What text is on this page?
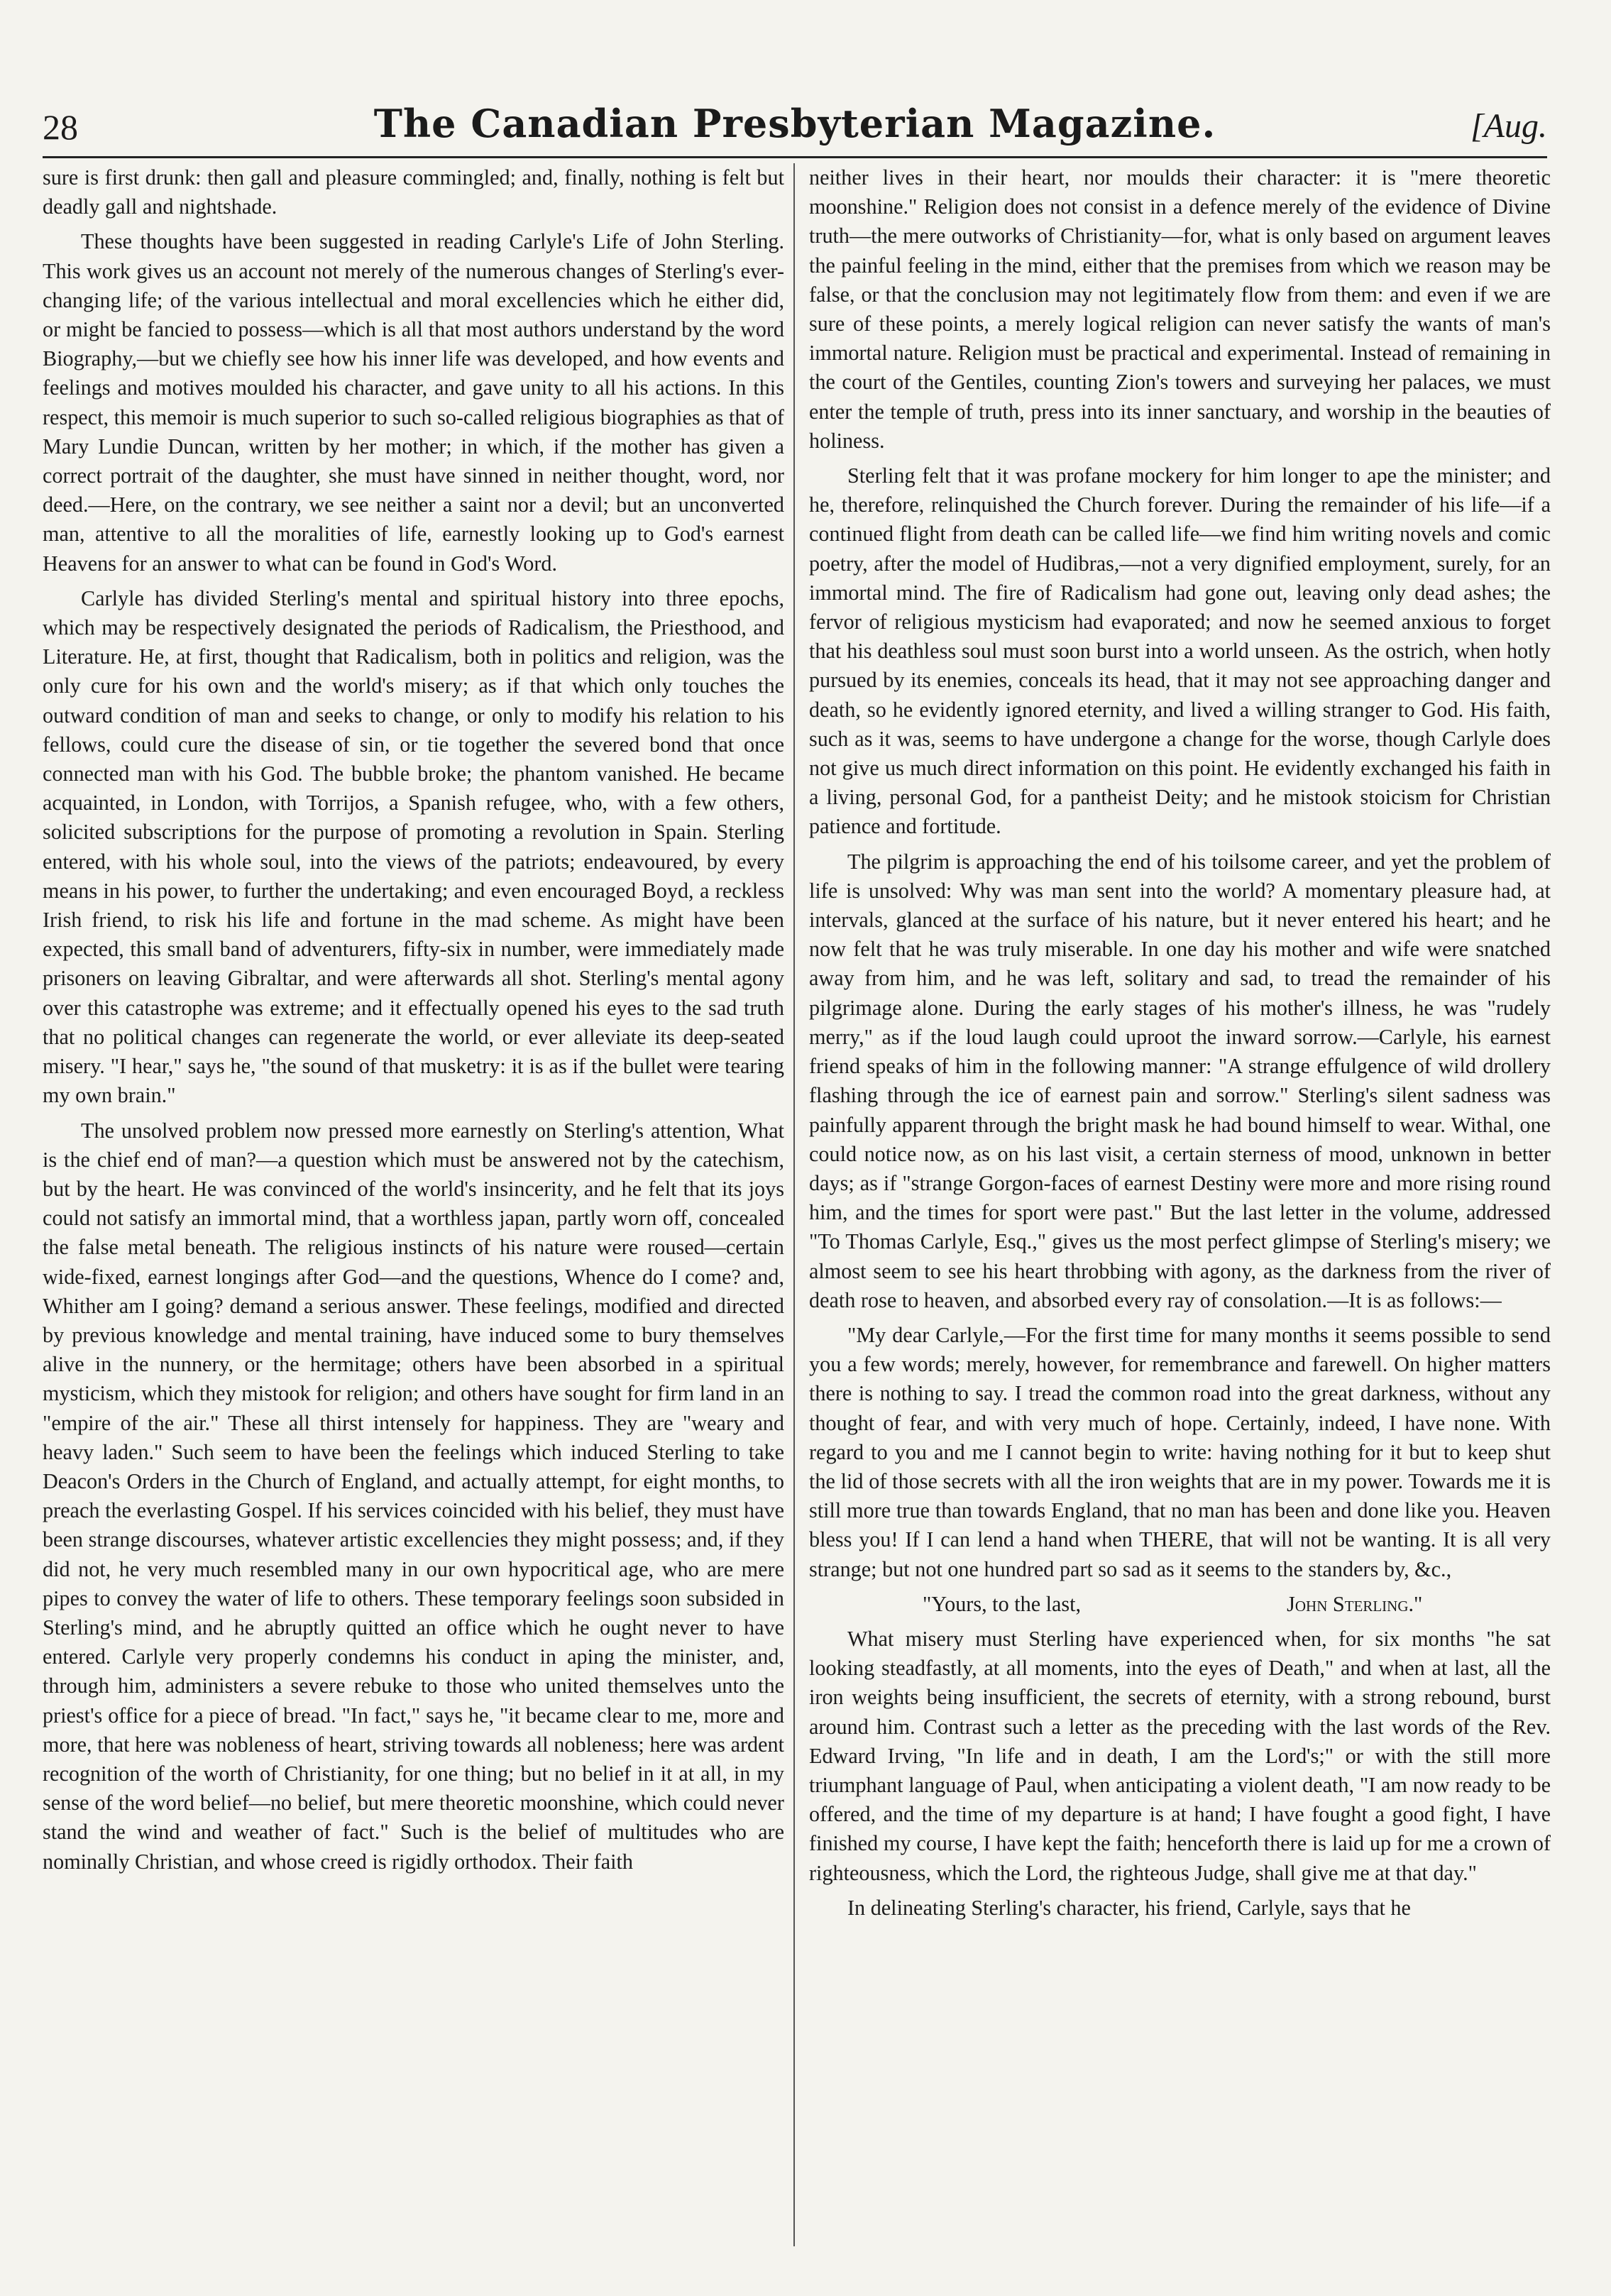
28	The Canadian Presbyterian Magazine.	[Aug.

sure is first drunk: then gall and pleasure commingled; and, finally, nothing is felt but deadly gall and nightshade.

These thoughts have been suggested in reading Carlyle's Life of John Sterling. This work gives us an account not merely of the numerous changes of Sterling's ever-changing life; of the various intellectual and moral excellencies which he either did, or might be fancied to possess—which is all that most authors understand by the word Biography,—but we chiefly see how his inner life was developed, and how events and feelings and motives moulded his character, and gave unity to all his actions. In this respect, this memoir is much superior to such so-called religious biographies as that of Mary Lundie Duncan, written by her mother; in which, if the mother has given a correct portrait of the daughter, she must have sinned in neither thought, word, nor deed.—Here, on the contrary, we see neither a saint nor a devil; but an unconverted man, attentive to all the moralities of life, earnestly looking up to God's earnest Heavens for an answer to what can be found in God's Word.

Carlyle has divided Sterling's mental and spiritual history into three epochs, which may be respectively designated the periods of Radicalism, the Priesthood, and Literature. He, at first, thought that Radicalism, both in politics and religion, was the only cure for his own and the world's misery; as if that which only touches the outward condition of man and seeks to change, or only to modify his relation to his fellows, could cure the disease of sin, or tie together the severed bond that once connected man with his God. The bubble broke; the phantom vanished. He became acquainted, in London, with Torrijos, a Spanish refugee, who, with a few others, solicited subscriptions for the purpose of promoting a revolution in Spain. Sterling entered, with his whole soul, into the views of the patriots; endeavoured, by every means in his power, to further the undertaking; and even encouraged Boyd, a reckless Irish friend, to risk his life and fortune in the mad scheme. As might have been expected, this small band of adventurers, fifty-six in number, were immediately made prisoners on leaving Gibraltar, and were afterwards all shot. Sterling's mental agony over this catastrophe was extreme; and it effectually opened his eyes to the sad truth that no political changes can regenerate the world, or ever alleviate its deep-seated misery. "I hear," says he, "the sound of that musketry: it is as if the bullet were tearing my own brain."

The unsolved problem now pressed more earnestly on Sterling's attention, What is the chief end of man?—a question which must be answered not by the catechism, but by the heart. He was convinced of the world's insincerity, and he felt that its joys could not satisfy an immortal mind, that a worthless japan, partly worn off, concealed the false metal beneath. The religious instincts of his nature were roused—certain wide-fixed, earnest longings after God—and the questions, Whence do I come? and, Whither am I going? demand a serious answer. These feelings, modified and directed by previous knowledge and mental training, have induced some to bury themselves alive in the nunnery, or the hermitage; others have been absorbed in a spiritual mysticism, which they mistook for religion; and others have sought for firm land in an "empire of the air." These all thirst intensely for happiness. They are "weary and heavy laden." Such seem to have been the feelings which induced Sterling to take Deacon's Orders in the Church of England, and actually attempt, for eight months, to preach the everlasting Gospel. If his services coincided with his belief, they must have been strange discourses, whatever artistic excellencies they might possess; and, if they did not, he very much resembled many in our own hypocritical age, who are mere pipes to convey the water of life to others. These temporary feelings soon subsided in Sterling's mind, and he abruptly quitted an office which he ought never to have entered. Carlyle very properly condemns his conduct in aping the minister, and, through him, administers a severe rebuke to those who united themselves unto the priest's office for a piece of bread. "In fact," says he, "it became clear to me, more and more, that here was nobleness of heart, striving towards all nobleness; here was ardent recognition of the worth of Christianity, for one thing; but no belief in it at all, in my sense of the word belief—no belief, but mere theoretic moonshine, which could never stand the wind and weather of fact." Such is the belief of multitudes who are nominally Christian, and whose creed is rigidly orthodox. Their faith

neither lives in their heart, nor moulds their character: it is "mere theoretic moonshine." Religion does not consist in a defence merely of the evidence of Divine truth—the mere outworks of Christianity—for, what is only based on argument leaves the painful feeling in the mind, either that the premises from which we reason may be false, or that the conclusion may not legitimately flow from them: and even if we are sure of these points, a merely logical religion can never satisfy the wants of man's immortal nature. Religion must be practical and experimental. Instead of remaining in the court of the Gentiles, counting Zion's towers and surveying her palaces, we must enter the temple of truth, press into its inner sanctuary, and worship in the beauties of holiness.

Sterling felt that it was profane mockery for him longer to ape the minister; and he, therefore, relinquished the Church forever. During the remainder of his life—if a continued flight from death can be called life—we find him writing novels and comic poetry, after the model of Hudibras,—not a very dignified employment, surely, for an immortal mind. The fire of Radicalism had gone out, leaving only dead ashes; the fervor of religious mysticism had evaporated; and now he seemed anxious to forget that his deathless soul must soon burst into a world unseen. As the ostrich, when hotly pursued by its enemies, conceals its head, that it may not see approaching danger and death, so he evidently ignored eternity, and lived a willing stranger to God. His faith, such as it was, seems to have undergone a change for the worse, though Carlyle does not give us much direct information on this point. He evidently exchanged his faith in a living, personal God, for a pantheist Deity; and he mistook stoicism for Christian patience and fortitude.

The pilgrim is approaching the end of his toilsome career, and yet the problem of life is unsolved: Why was man sent into the world? A momentary pleasure had, at intervals, glanced at the surface of his nature, but it never entered his heart; and he now felt that he was truly miserable. In one day his mother and wife were snatched away from him, and he was left, solitary and sad, to tread the remainder of his pilgrimage alone. During the early stages of his mother's illness, he was "rudely merry," as if the loud laugh could uproot the inward sorrow.—Carlyle, his earnest friend speaks of him in the following manner: "A strange effulgence of wild drollery flashing through the ice of earnest pain and sorrow." Sterling's silent sadness was painfully apparent through the bright mask he had bound himself to wear. Withal, one could notice now, as on his last visit, a certain sterness of mood, unknown in better days; as if "strange Gorgon-faces of earnest Destiny were more and more rising round him, and the times for sport were past." But the last letter in the volume, addressed "To Thomas Carlyle, Esq.," gives us the most perfect glimpse of Sterling's misery; we almost seem to see his heart throbbing with agony, as the darkness from the river of death rose to heaven, and absorbed every ray of consolation.—It is as follows:—

"My dear Carlyle,—For the first time for many months it seems possible to send you a few words; merely, however, for remembrance and farewell. On higher matters there is nothing to say. I tread the common road into the great darkness, without any thought of fear, and with very much of hope. Certainly, indeed, I have none. With regard to you and me I cannot begin to write: having nothing for it but to keep shut the lid of those secrets with all the iron weights that are in my power. Towards me it is still more true than towards England, that no man has been and done like you. Heaven bless you! If I can lend a hand when THERE, that will not be wanting. It is all very strange; but not one hundred part so sad as it seems to the standers by, &c.,

"Yours, to the last,	John Sterling."

What misery must Sterling have experienced when, for six months "he sat looking steadfastly, at all moments, into the eyes of Death," and when at last, all the iron weights being insufficient, the secrets of eternity, with a strong rebound, burst around him. Contrast such a letter as the preceding with the last words of the Rev. Edward Irving, "In life and in death, I am the Lord's;" or with the still more triumphant language of Paul, when anticipating a violent death, "I am now ready to be offered, and the time of my departure is at hand; I have fought a good fight, I have finished my course, I have kept the faith; henceforth there is laid up for me a crown of righteousness, which the Lord, the righteous Judge, shall give me at that day."

In delineating Sterling's character, his friend, Carlyle, says that he
